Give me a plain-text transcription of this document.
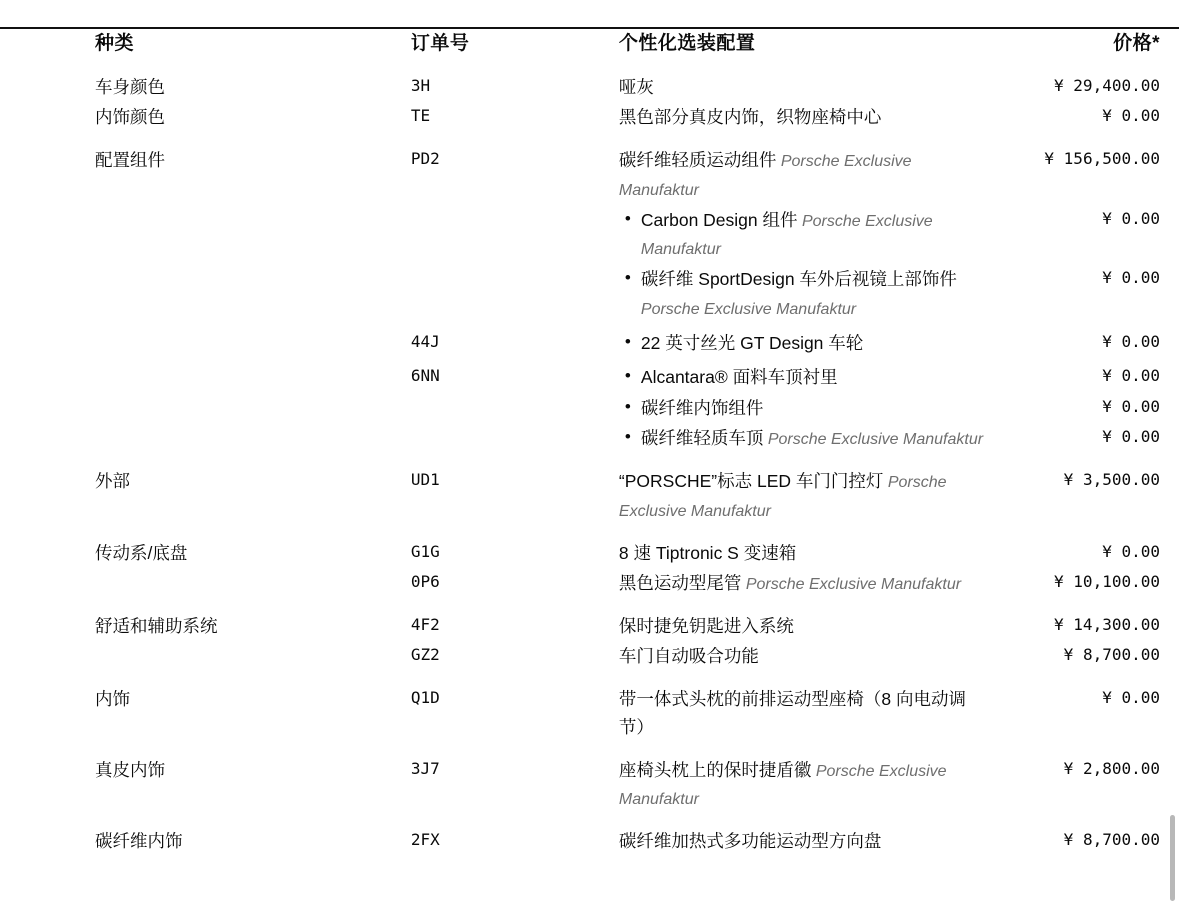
种类	订单号	个性化选装配置	价格*
车身颜色	3H	哑灰	¥ 29,400.00
内饰颜色	TE	黑色部分真皮内饰，织物座椅中心	¥ 0.00
配置组件	PD2	碳纤维轻质运动组件 Porsche Exclusive Manufaktur	¥ 156,500.00

		• Carbon Design 组件 Porsche Exclusive Manufaktur	¥ 0.00

		• 碳纤维 SportDesign 车外后视镜上部饰件 Porsche Exclusive Manufaktur	¥ 0.00
	44J	• 22 英寸丝光 GT Design 车轮	¥ 0.00
	6NN	• Alcantara® 面料车顶衬里	¥ 0.00

		• 碳纤维内饰组件	¥ 0.00

		• 碳纤维轻质车顶 Porsche Exclusive Manufaktur	¥ 0.00
外部	UD1	“PORSCHE”标志 LED 车门门控灯 Porsche Exclusive Manufaktur	¥ 3,500.00
传动系/底盘	G1G	8 速 Tiptronic S 变速箱	¥ 0.00
	0P6	黑色运动型尾管 Porsche Exclusive Manufaktur	¥ 10,100.00
舒适和辅助系统	4F2	保时捷免钥匙进入系统	¥ 14,300.00
	GZ2	车门自动吸合功能	¥ 8,700.00
内饰	Q1D	带一体式头枕的前排运动型座椅（8 向电动调节）	¥ 0.00
真皮内饰	3J7	座椅头枕上的保时捷盾徽 Porsche Exclusive Manufaktur	¥ 2,800.00
碳纤维内饰	2FX	碳纤维加热式多功能运动型方向盘	¥ 8,700.00
